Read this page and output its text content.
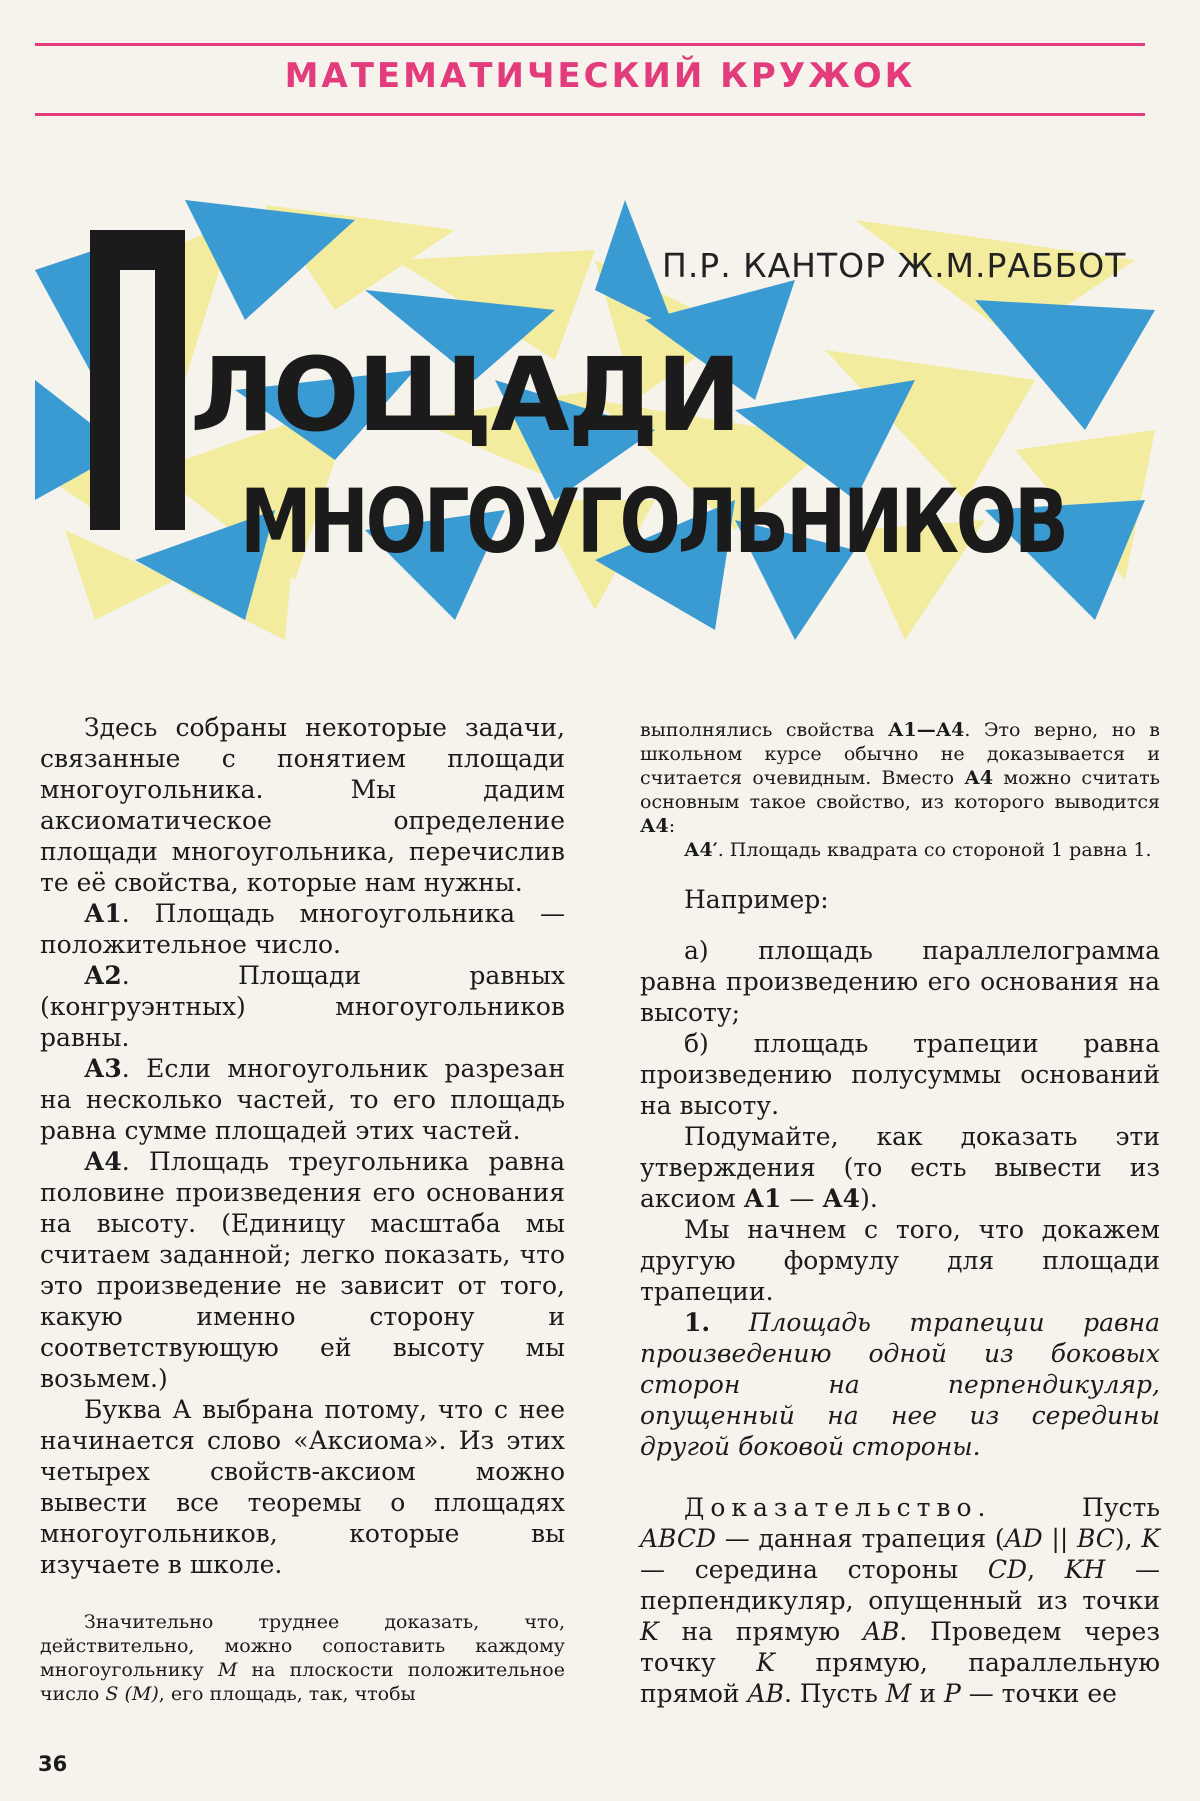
МАТЕМАТИЧЕСКИЙ КРУЖОК
П.Р. КАНТОР Ж.М.РАББОТ
ЛОЩАДИ
МНОГОУГОЛЬНИКОВ

Здесь собраны некоторые задачи, связанные с понятием площади многоугольника. Мы дадим аксиоматическое определение площади многоугольника, перечислив те её свойства, которые нам нужны.

А1. Площадь многоугольника — положительное число.

А2. Площади равных (конгруэнтных) многоугольников равны.

А3. Если многоугольник разрезан на несколько частей, то его площадь равна сумме площадей этих частей.

А4. Площадь треугольника равна половине произведения его основания на высоту. (Единицу масштаба мы считаем заданной; легко показать, что это произведение не зависит от того, какую именно сторону и соответствующую ей высоту мы возьмем.)

Буква А выбрана потому, что с нее начинается слово «Аксиома». Из этих четырех свойств-аксиом можно вывести все теоремы о площадях многоугольников, которые вы изучаете в школе.

Значительно труднее доказать, что, действительно, можно сопоставить каждому многоугольнику М на плоскости положительное число S (M), его площадь, так, чтобы

выполнялись свойства А1—А4. Это верно, но в школьном курсе обычно не доказывается и считается очевидным. Вместо А4 можно считать основным такое свойство, из которого выводится А4:

А4′. Площадь квадрата со стороной 1 равна 1.

Например:

а) площадь параллелограмма равна произведению его основания на высоту;

б) площадь трапеции равна произведению полусуммы оснований на высоту.

Подумайте, как доказать эти утверждения (то есть вывести из аксиом А1 — А4).

Мы начнем с того, что докажем другую формулу для площади трапеции.

1. Площадь трапеции равна произведению одной из боковых сторон на перпендикуляр, опущенный на нее из середины другой боковой стороны.

Доказательство. Пусть ABCD — данная трапеция (AD || BC), K — середина стороны CD, KH — перпендикуляр, опущенный из точки K на прямую AB. Проведем через точку K прямую, параллельную прямой AB. Пусть M и P — точки ее

36
